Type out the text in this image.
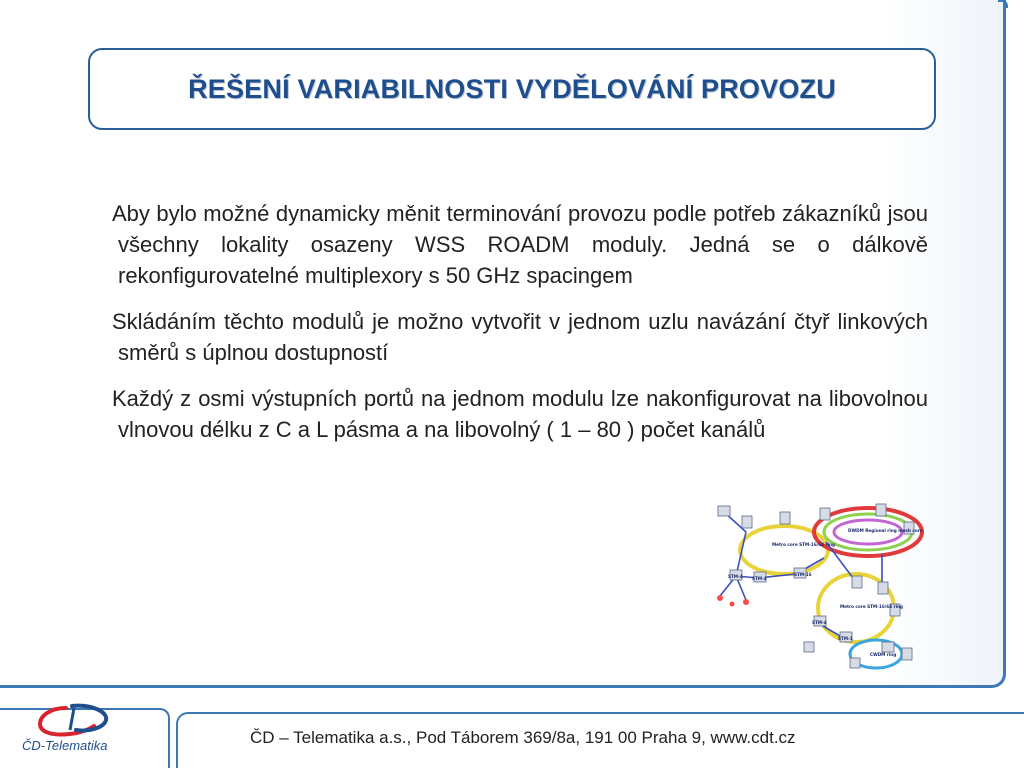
ŘEŠENÍ VARIABILNOSTI VYDĚLOVÁNÍ PROVOZU

Aby bylo možné dynamicky měnit terminování provozu podle potřeb zákazníků jsou všechny lokality osazeny WSS ROADM moduly. Jedná se o dálkově rekonfigurovatelné multiplexory s 50 GHz spacingem

Skládáním těchto modulů je možno vytvořit v jednom uzlu navázání čtyř linkových směrů s úplnou dostupností

Každý z osmi výstupních portů na jednom modulu lze nakonfigurovat na libovolnou vlnovou délku z C a L pásma a na libovolný ( 1 – 80 ) počet kanálů

Metro core STM-16/64 ring
DWDM Regional ring mesh core
Metro core STM-16/64 ring
STM-4 STM-4
STM-16
STM-4
STM-1
CWDM ring
ČD-Telematika	ČD – Telematika a.s., Pod Táborem 369/8a, 191 00 Praha 9, www.cdt.cz
